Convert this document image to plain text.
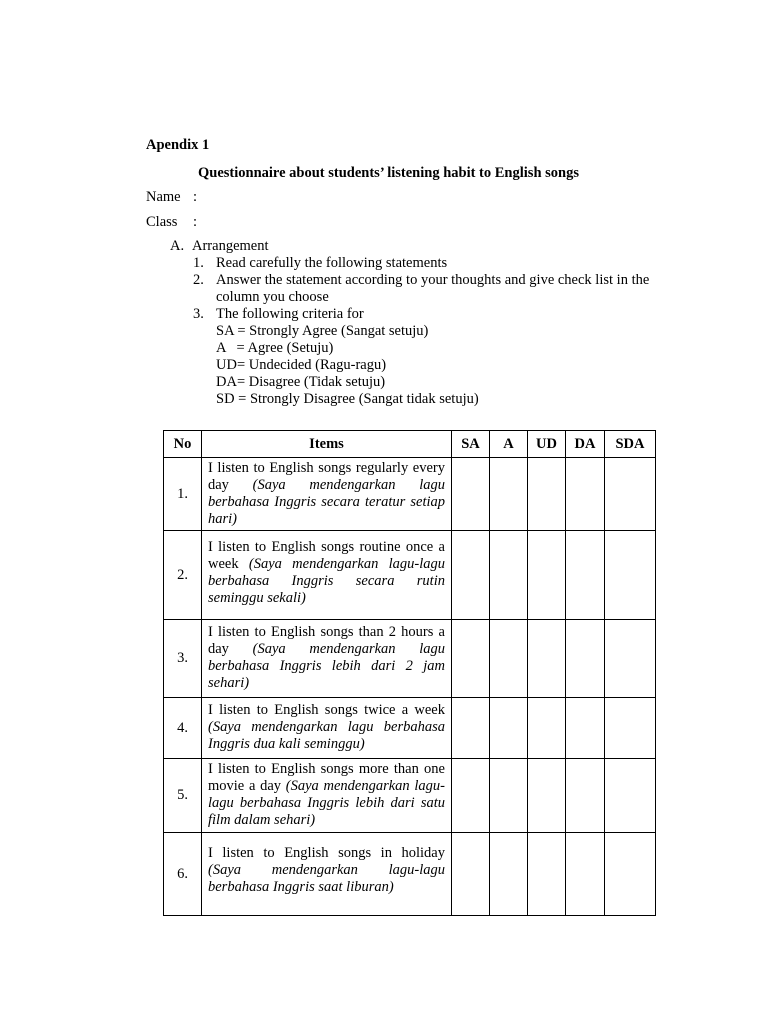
Apendix 1
Questionnaire about students’ listening habit to English songs
Name :
Class :
A. Arrangement
1. Read carefully the following statements
2. Answer the statement according to your thoughts and give check list in the column you choose
3. The following criteria for
SA = Strongly Agree (Sangat setuju)
A   = Agree (Setuju)
UD= Undecided (Ragu-ragu)
DA= Disagree (Tidak setuju)
SD = Strongly Disagree (Sangat tidak setuju)
No	Items	SA	A	UD	DA	SDA
1.	I listen to English songs regularly every day (Saya mendengarkan lagu berbahasa Inggris secara teratur setiap hari)					

2.	I listen to English songs routine once a week (Saya mendengarkan lagu-lagu berbahasa Inggris secara rutin seminggu sekali)					

3.	I listen to English songs than 2 hours a day (Saya mendengarkan lagu berbahasa Inggris lebih dari 2 jam sehari)					

4.	I listen to English songs twice a week (Saya mendengarkan lagu berbahasa Inggris dua kali seminggu)					

5.	I listen to English songs more than one movie a day (Saya mendengarkan lagu-lagu berbahasa Inggris lebih dari satu film dalam sehari)					

6.	I listen to English songs in holiday (Saya mendengarkan lagu-lagu berbahasa Inggris saat liburan)					
